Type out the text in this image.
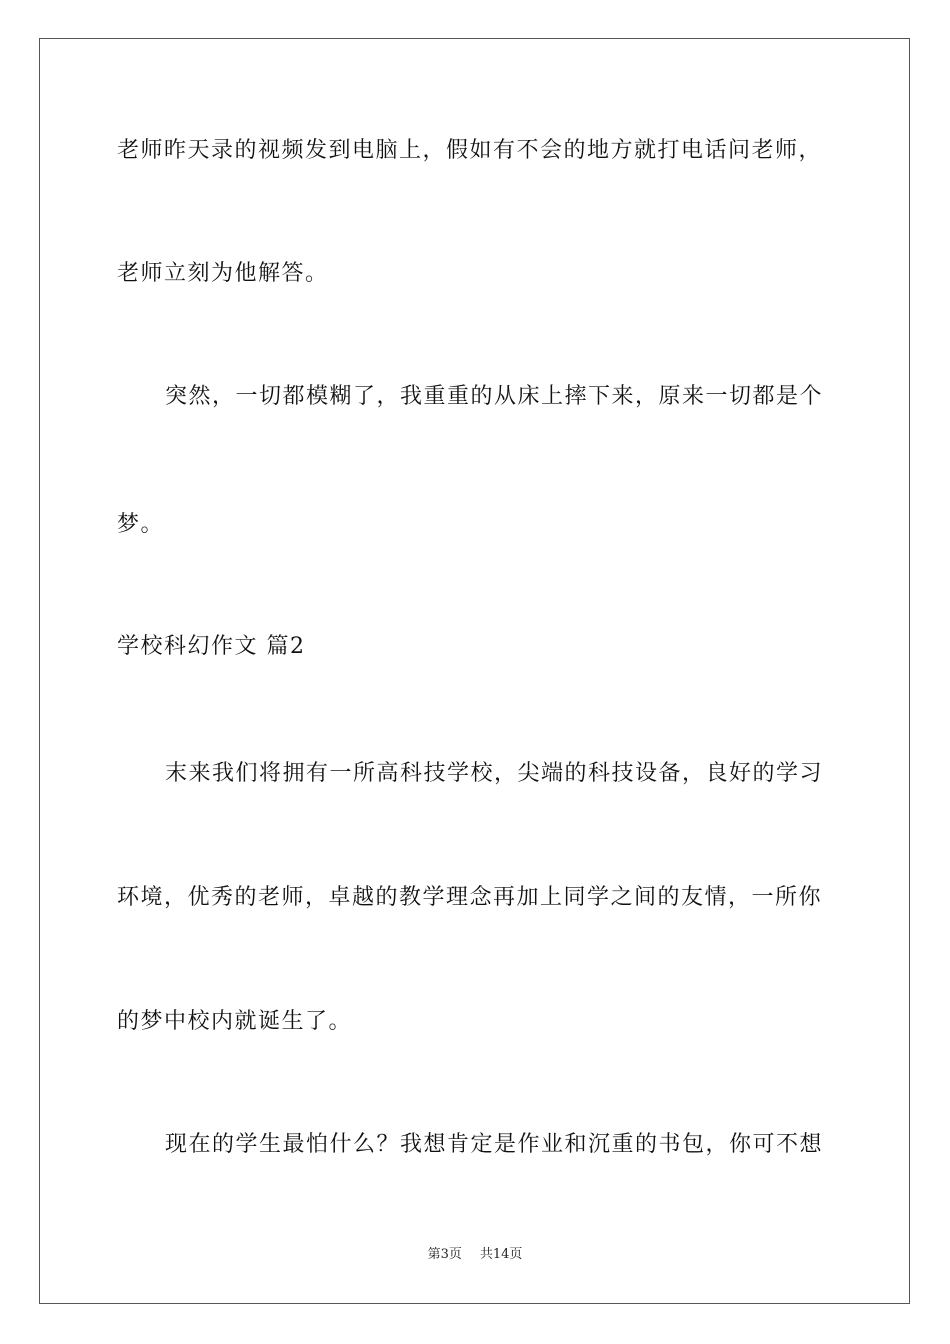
老师昨天录的视频发到电脑上，假如有不会的地方就打电话问老师，
老师立刻为他解答。
突然，一切都模糊了，我重重的从床上摔下来，原来一切都是个
梦。
学校科幻作文 篇2
末来我们将拥有一所高科技学校，尖端的科技设备，良好的学习
环境，优秀的老师，卓越的教学理念再加上同学之间的友情，一所你
的梦中校内就诞生了。
现在的学生最怕什么？我想肯定是作业和沉重的书包，你可不想
第3页 共14页
